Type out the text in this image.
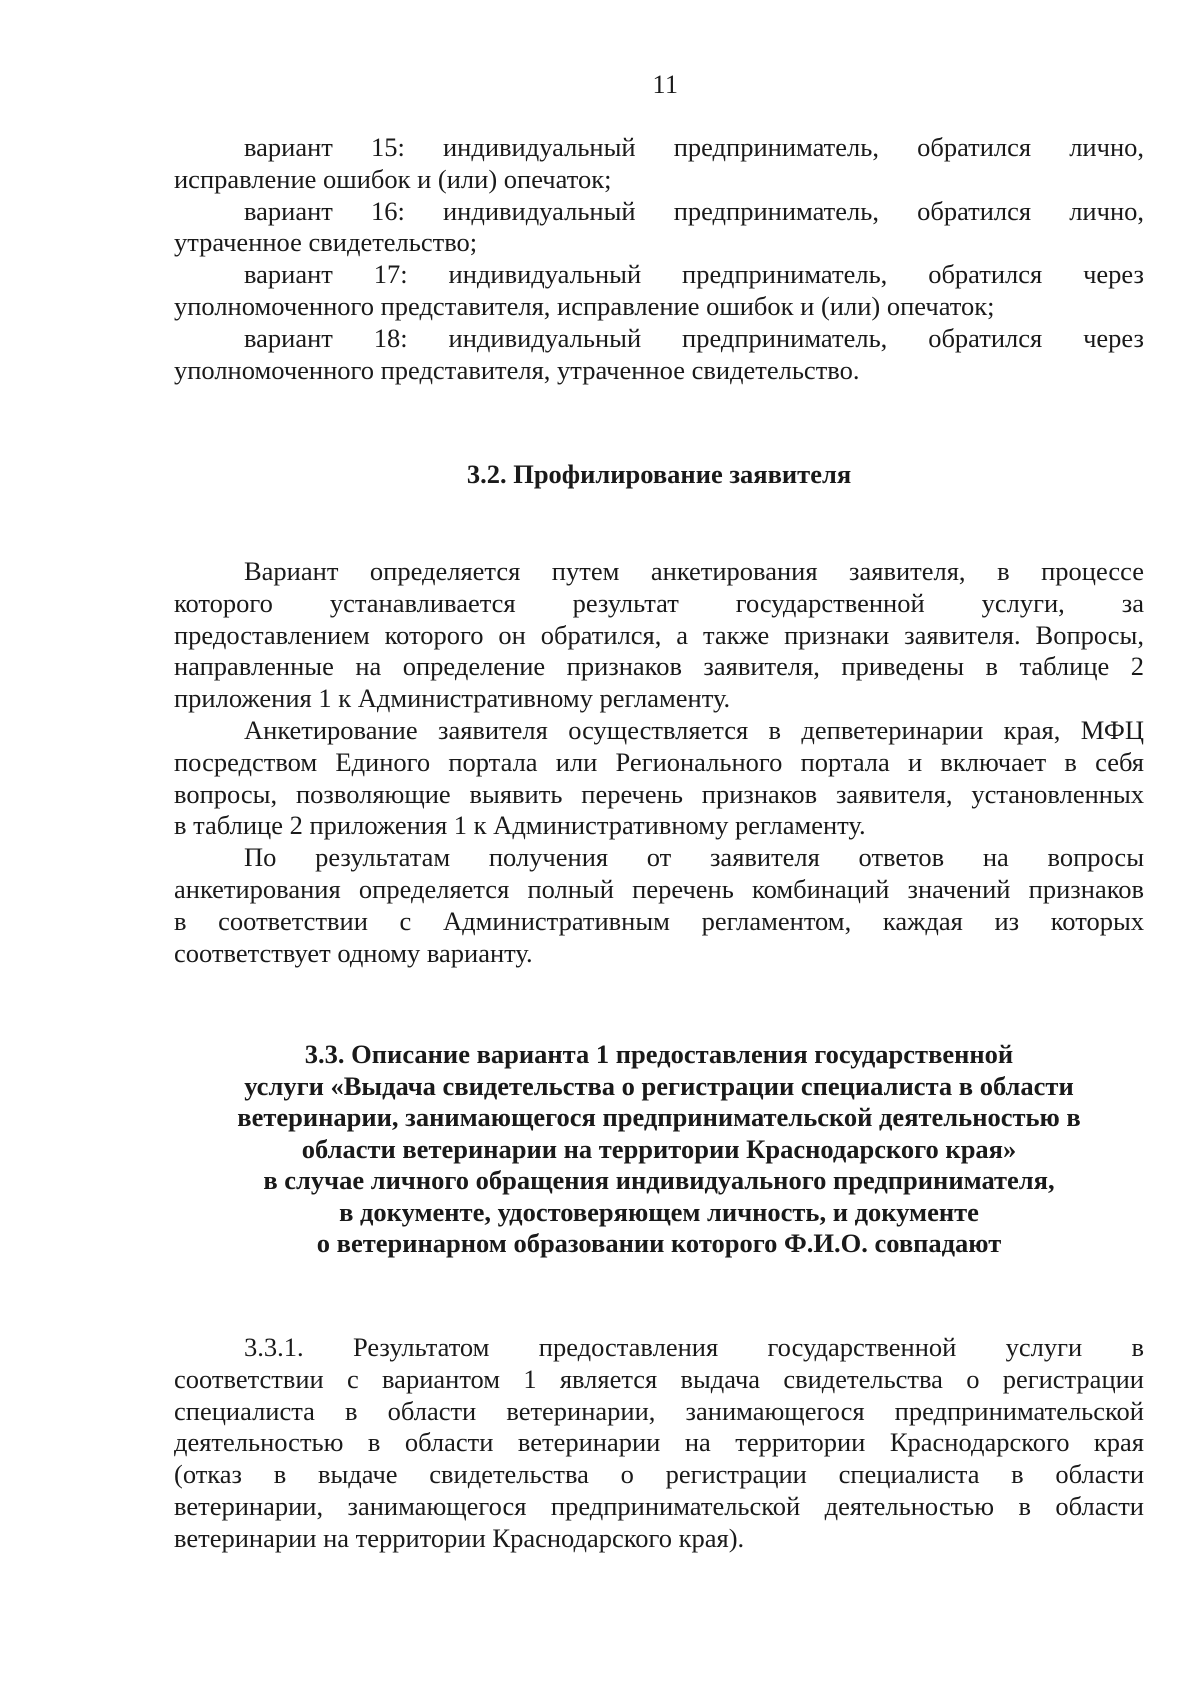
11
вариант 15: индивидуальный предприниматель, обратился лично,
исправление ошибок и (или) опечаток;
вариант 16: индивидуальный предприниматель, обратился лично,
утраченное свидетельство;
вариант 17: индивидуальный предприниматель, обратился через
уполномоченного представителя, исправление ошибок и (или) опечаток;
вариант 18: индивидуальный предприниматель, обратился через
уполномоченного представителя, утраченное свидетельство.
3.2. Профилирование заявителя
Вариант определяется путем анкетирования заявителя, в процессе
которого устанавливается результат государственной услуги, за
предоставлением которого он обратился, а также признаки заявителя. Вопросы,
направленные на определение признаков заявителя, приведены в таблице 2
приложения 1 к Административному регламенту.
Анкетирование заявителя осуществляется в депветеринарии края, МФЦ
посредством Единого портала или Регионального портала и включает в себя
вопросы, позволяющие выявить перечень признаков заявителя, установленных
в таблице 2 приложения 1 к Административному регламенту.
По результатам получения от заявителя ответов на вопросы
анкетирования определяется полный перечень комбинаций значений признаков
в соответствии с Административным регламентом, каждая из которых
соответствует одному варианту.
3.3. Описание варианта 1 предоставления государственной
услуги «Выдача свидетельства о регистрации специалиста в области
ветеринарии, занимающегося предпринимательской деятельностью в
области ветеринарии на территории Краснодарского края»
в случае личного обращения индивидуального предпринимателя,
в документе, удостоверяющем личность, и документе
о ветеринарном образовании которого Ф.И.О. совпадают
3.3.1. Результатом предоставления государственной услуги в
соответствии с вариантом 1 является выдача свидетельства о регистрации
специалиста в области ветеринарии, занимающегося предпринимательской
деятельностью в области ветеринарии на территории Краснодарского края
(отказ в выдаче свидетельства о регистрации специалиста в области
ветеринарии, занимающегося предпринимательской деятельностью в области
ветеринарии на территории Краснодарского края).
